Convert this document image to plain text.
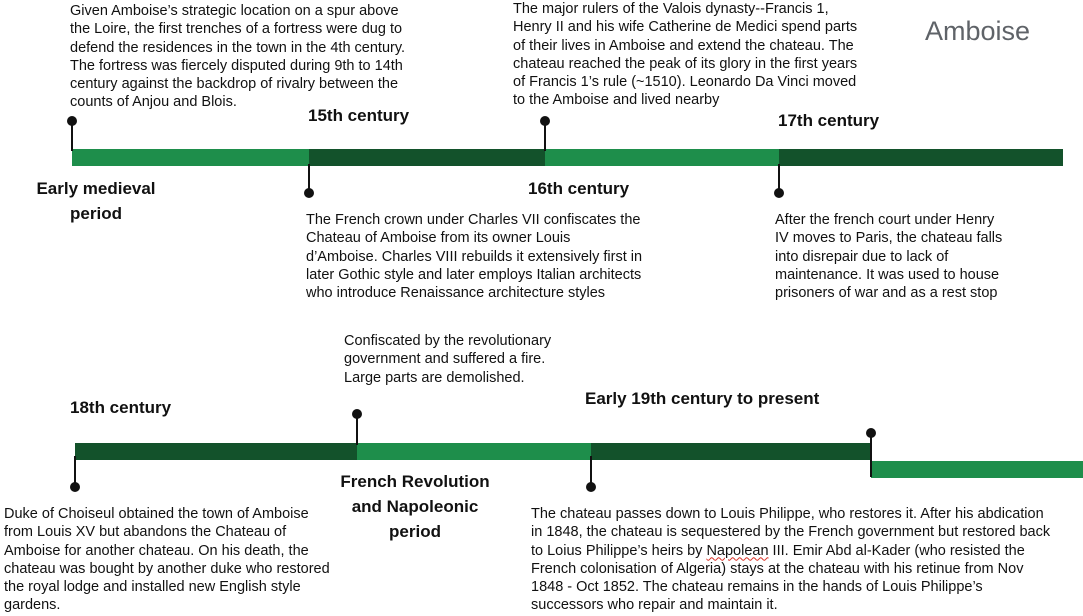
Amboise
Early medieval
period
15th century
16th century
17th century

Given Amboise’s strategic location on a spur above
the Loire, the first trenches of a fortress were dug to
defend the residences in the town in the 4th century.
The fortress was fiercely disputed during 9th to 14th
century against the backdrop of rivalry between the
counts of Anjou and Blois.

The French crown under Charles VII confiscates the
Chateau of Amboise from its owner Louis
d’Amboise. Charles VIII rebuilds it extensively first in
later Gothic style and later employs Italian architects
who introduce Renaissance architecture styles

The major rulers of the Valois dynasty--Francis 1,
Henry II and his wife Catherine de Medici spend parts
of their lives in Amboise and extend the chateau. The
chateau reached the peak of its glory in the first years
of Francis 1’s rule (~1510). Leonardo Da Vinci moved
to the Amboise and lived nearby

After the french court under Henry
IV moves to Paris, the chateau falls
into disrepair due to lack of
maintenance. It was used to house
prisoners of war and as a rest stop

18th century
French Revolution
and Napoleonic
period
Early 19th century to present

Duke of Choiseul obtained the town of Amboise
from Louis XV but abandons the Chateau of
Amboise for another chateau. On his death, the
chateau was bought by another duke who restored
the royal lodge and installed new English style
gardens.

Confiscated by the revolutionary
government and suffered a fire.
Large parts are demolished.

The chateau passes down to Louis Philippe, who restores it. After his abdication
in 1848, the chateau is sequestered by the French government but restored back
to Loius Philippe’s heirs by Napolean III. Emir Abd al-Kader (who resisted the
French colonisation of Algeria) stays at the chateau with his retinue from Nov
1848 - Oct 1852. The chateau remains in the hands of Louis Philippe’s
successors who repair and maintain it.
